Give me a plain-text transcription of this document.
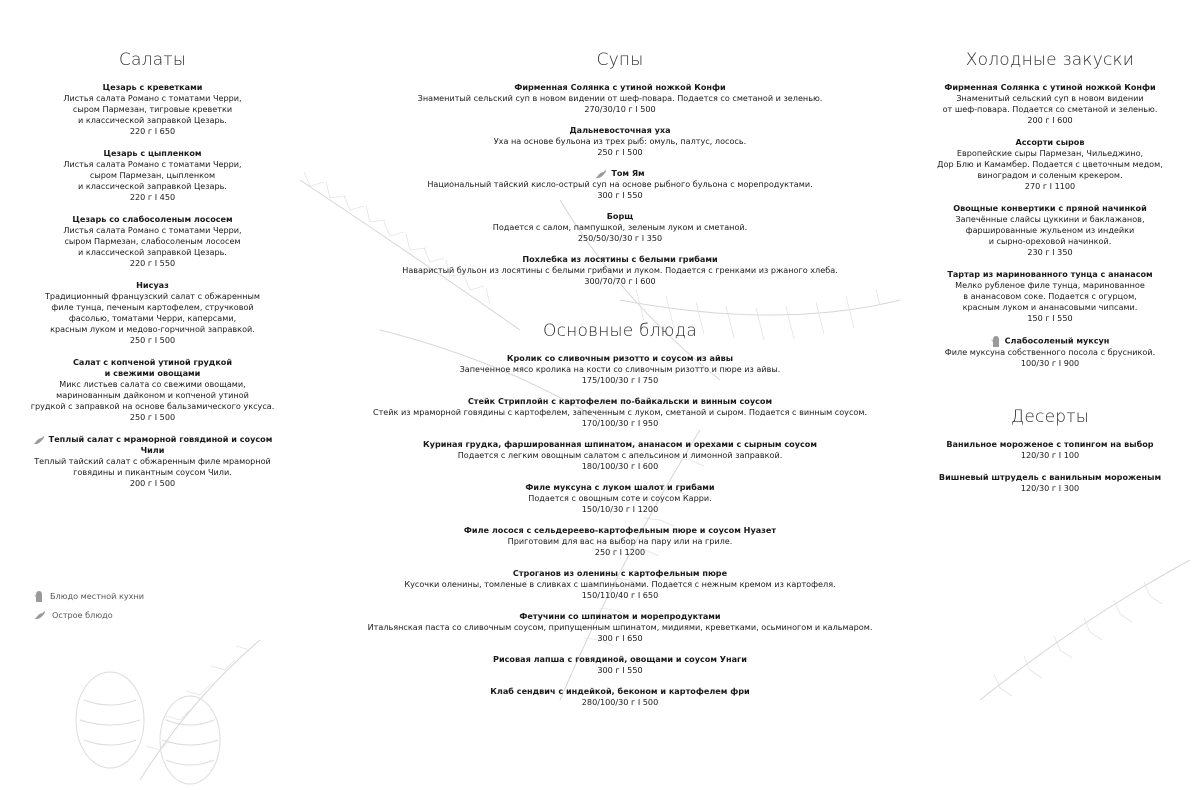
Салаты
Цезарь с креветками
Листья салата Романо с томатами Черри,
сыром Пармезан, тигровые креветки
и классической заправкой Цезарь.
220 г I 650
Цезарь с цыпленком
Листья салата Романо с томатами Черри,
сыром Пармезан, цыпленком
и классической заправкой Цезарь.
220 г I 450
Цезарь со слабосоленым лососем
Листья салата Романо с томатами Черри,
сыром Пармезан, слабосоленым лососем
и классической заправкой Цезарь.
220 г I 550
Нисуаз
Традиционный французский салат с обжаренным
филе тунца, печеным картофелем, стручковой
фасолью, томатами Черри, каперсами,
красным луком и медово-горчичной заправкой.
250 г I 500
Салат с копченой утиной грудкой
и свежими овощами
Микс листьев салата со свежими овощами,
маринованным дайконом и копченой утиной
грудкой с заправкой на основе бальзамического уксуса.
250 г I 500
Теплый салат с мраморной говядиной и соусом Чили
Теплый тайский салат с обжаренным филе мраморной
говядины и пикантным соусом Чили.
200 г I 500
Блюдо местной кухни
Острое блюдо
Супы
Фирменная Солянка с утиной ножкой Конфи
Знаменитый сельский суп в новом видении от шеф-повара. Подается со сметаной и зеленью.
270/30/10 г I 500
Дальневосточная уха
Уха на основе бульона из трех рыб: омуль, палтус, лосось.
250 г I 500
Том Ям
Национальный тайский кисло-острый суп на основе рыбного бульона с морепродуктами.
300 г I 550
Борщ
Подается с салом, пампушкой, зеленым луком и сметаной.
250/50/30/30 г I 350
Похлебка из лосятины с белыми грибами
Наваристый бульон из лосятины с белыми грибами и луком. Подается с гренками из ржаного хлеба.
300/70/70 г I 600
Основные блюда
Кролик со сливочным ризотто и соусом из айвы
Запеченное мясо кролика на кости со сливочным ризотто и пюре из айвы.
175/100/30 г I 750
Стейк Стриплойн с картофелем по-байкальски и винным соусом
Стейк из мраморной говядины с картофелем, запеченным с луком, сметаной и сыром. Подается с винным соусом.
170/100/30 г I 950
Куриная грудка, фаршированная шпинатом, ананасом и орехами с сырным соусом
Подается с легким овощным салатом с апельсином и лимонной заправкой.
180/100/30 г I 600
Филе муксуна с луком шалот и грибами
Подается с овощным соте и соусом Карри.
150/10/30 г I 1200
Филе лосося с сельдерeево-картофельным пюре и соусом Нуазет
Приготовим для вас на выбор на пару или на гриле.
250 г I 1200
Строганов из оленины с картофельным пюре
Кусочки оленины, томленые в сливках с шампиньонами. Подается с нежным кремом из картофеля.
150/110/40 г I 650
Фетучини со шпинатом и морепродуктами
Итальянская паста со сливочным соусом, припущенным шпинатом, мидиями, креветками, осьминогом и кальмаром.
300 г I 650
Рисовая лапша с говядиной, овощами и соусом Унаги
300 г I 550
Клаб сендвич с индейкой, беконом и картофелем фри
280/100/30 г I 500
Холодные закуски
Фирменная Солянка с утиной ножкой Конфи
Знаменитый сельский суп в новом видении
от шеф-повара. Подается со сметаной и зеленью.
200 г I 600
Ассорти сыров
Европейские сыры Пармезан, Чильеджино,
Дор Блю и Камамбер. Подается с цветочным медом,
виноградом и соленым крекером.
270 г I 1100
Овощные конвертики с пряной начинкой
Запечённые слайсы цуккини и баклажанов,
фаршированные жульеном из индейки
и сырно-ореховой начинкой.
230 г I 350
Тартар из маринованного тунца с ананасом
Мелко рубленое филе тунца, маринованное
в ананасовом соке. Подается с огурцом,
красным луком и ананасовыми чипсами.
150 г I 550
Слабосоленый муксун
Филе муксуна собственного посола с брусникой.
100/30 г I 900
Десерты
Ванильное мороженое с топингом на выбор
120/30 г I 100
Вишневый штрудель с ванильным мороженым
120/30 г I 300
